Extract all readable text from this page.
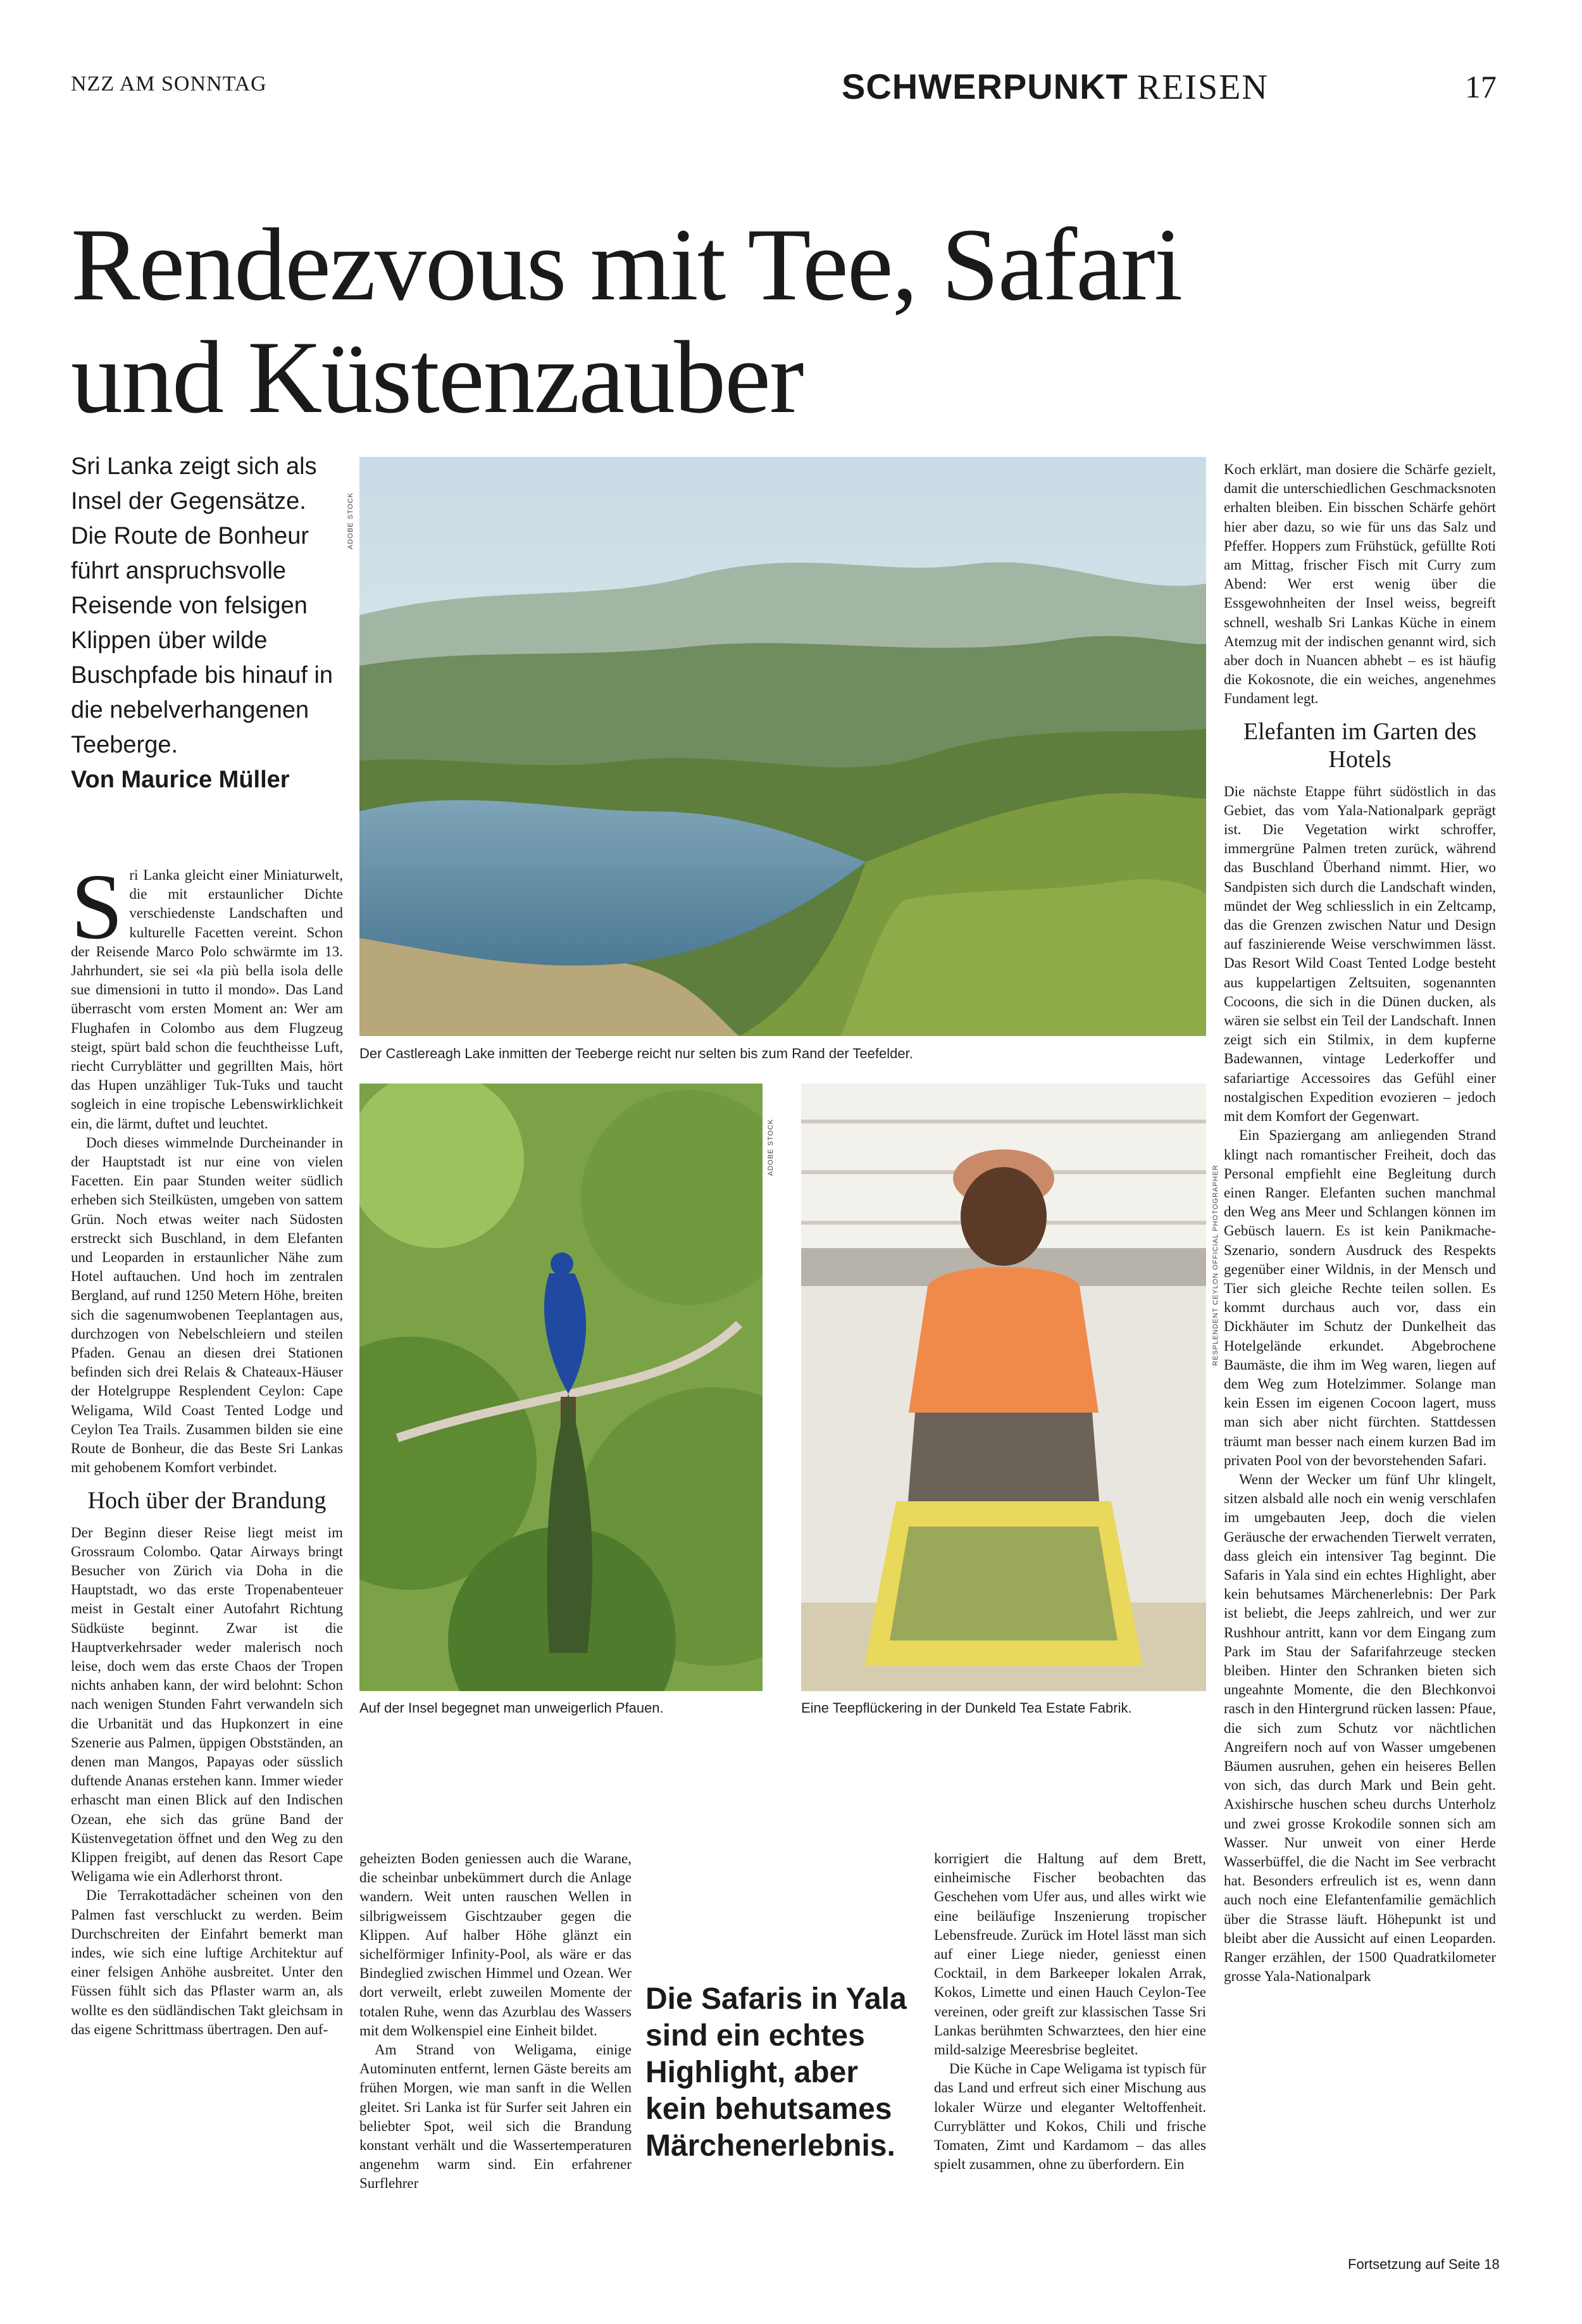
NZZ AM SONNTAG	SCHWERPUNKT REISEN	17
Rendezvous mit Tee, Safari
und Küstenzauber
Sri Lanka zeigt sich als Insel der Gegensätze. Die Route de Bonheur führt anspruchsvolle Reisende von felsigen Klippen über wilde Buschpfade bis hinauf in die nebelverhangenen Teeberge.
Von Maurice Müller
ADOBE STOCK
Der Castlereagh Lake inmitten der Teeberge reicht nur selten bis zum Rand der Teefelder.
Auf der Insel begegnet man unweigerlich Pfauen.
ADOBE STOCK
RESPLENDENT CEYLON OFFICIAL PHOTOGRAPHER
Eine Teepflückering in der Dunkeld Tea Estate Fabrik.

Sri Lanka gleicht einer Miniaturwelt, die mit erstaunlicher Dichte verschiedenste Landschaften und kulturelle Facetten vereint. Schon der Reisende Marco Polo schwärmte im 13. Jahrhundert, sie sei «la più bella isola delle sue dimensioni in tutto il mondo». Das Land überrascht vom ersten Moment an: Wer am Flughafen in Colombo aus dem Flugzeug steigt, spürt bald schon die feuchtheisse Luft, riecht Curryblätter und gegrillten Mais, hört das Hupen unzähliger Tuk-Tuks und taucht sogleich in eine tropische Lebenswirklichkeit ein, die lärmt, duftet und leuchtet.

Doch dieses wimmelnde Durcheinander in der Hauptstadt ist nur eine von vielen Facetten. Ein paar Stunden weiter südlich erheben sich Steilküsten, umgeben von sattem Grün. Noch etwas weiter nach Südosten erstreckt sich Buschland, in dem Elefanten und Leoparden in erstaunlicher Nähe zum Hotel auftauchen. Und hoch im zentralen Bergland, auf rund 1250 Metern Höhe, breiten sich die sagenumwobenen Teeplantagen aus, durchzogen von Nebelschleiern und steilen Pfaden. Genau an diesen drei Stationen befinden sich drei Relais & Chateaux-Häuser der Hotelgruppe Resplendent Ceylon: Cape Weligama, Wild Coast Tented Lodge und Ceylon Tea Trails. Zusammen bilden sie eine Route de Bonheur, die das Beste Sri Lankas mit gehobenem Komfort verbindet.

Hoch über der Brandung

Der Beginn dieser Reise liegt meist im Grossraum Colombo. Qatar Airways bringt Besucher von Zürich via Doha in die Hauptstadt, wo das erste Tropenabenteuer meist in Gestalt einer Autofahrt Richtung Südküste beginnt. Zwar ist die Hauptverkehrsader weder malerisch noch leise, doch wem das erste Chaos der Tropen nichts anhaben kann, der wird belohnt: Schon nach wenigen Stunden Fahrt verwandeln sich die Urbanität und das Hupkonzert in eine Szenerie aus Palmen, üppigen Obstständen, an denen man Mangos, Papayas oder süsslich duftende Ananas erstehen kann. Immer wieder erhascht man einen Blick auf den Indischen Ozean, ehe sich das grüne Band der Küstenvegetation öffnet und den Weg zu den Klippen freigibt, auf denen das Resort Cape Weligama wie ein Adlerhorst thront.

Die Terrakottadächer scheinen von den Palmen fast verschluckt zu werden. Beim Durchschreiten der Einfahrt bemerkt man indes, wie sich eine luftige Architektur auf einer felsigen Anhöhe ausbreitet. Unter den Füssen fühlt sich das Pflaster warm an, als wollte es den südländischen Takt gleichsam in das eigene Schrittmass übertragen. Den auf-

geheizten Boden geniessen auch die Warane, die scheinbar unbekümmert durch die Anlage wandern. Weit unten rauschen Wellen in silbrigweissem Gischtzauber gegen die Klippen. Auf halber Höhe glänzt ein sichelförmiger Infinity-Pool, als wäre er das Bindeglied zwischen Himmel und Ozean. Wer dort verweilt, erlebt zuweilen Momente der totalen Ruhe, wenn das Azurblau des Wassers mit dem Wolkenspiel eine Einheit bildet.

Am Strand von Weligama, einige Autominuten entfernt, lernen Gäste bereits am frühen Morgen, wie man sanft in die Wellen gleitet. Sri Lanka ist für Surfer seit Jahren ein beliebter Spot, weil sich die Brandung konstant verhält und die Wassertemperaturen angenehm warm sind. Ein erfahrener Surflehrer

Die Safaris in Yala sind ein echtes Highlight, aber kein behutsames Märchenerlebnis.

korrigiert die Haltung auf dem Brett, einheimische Fischer beobachten das Geschehen vom Ufer aus, und alles wirkt wie eine beiläufige Inszenierung tropischer Lebensfreude. Zurück im Hotel lässt man sich auf einer Liege nieder, geniesst einen Cocktail, in dem Barkeeper lokalen Arrak, Kokos, Limette und einen Hauch Ceylon-Tee vereinen, oder greift zur klassischen Tasse Sri Lankas berühmten Schwarztees, den hier eine mild-salzige Meeresbrise begleitet.

Die Küche in Cape Weligama ist typisch für das Land und erfreut sich einer Mischung aus lokaler Würze und eleganter Weltoffenheit. Curryblätter und Kokos, Chili und frische Tomaten, Zimt und Kardamom – das alles spielt zusammen, ohne zu überfordern. Ein

Koch erklärt, man dosiere die Schärfe gezielt, damit die unterschiedlichen Geschmacksnoten erhalten bleiben. Ein bisschen Schärfe gehört hier aber dazu, so wie für uns das Salz und Pfeffer. Hoppers zum Frühstück, gefüllte Roti am Mittag, frischer Fisch mit Curry zum Abend: Wer erst wenig über die Essgewohnheiten der Insel weiss, begreift schnell, weshalb Sri Lankas Küche in einem Atemzug mit der indischen genannt wird, sich aber doch in Nuancen abhebt – es ist häufig die Kokosnote, die ein weiches, angenehmes Fundament legt.

Elefanten im Garten des Hotels

Die nächste Etappe führt südöstlich in das Gebiet, das vom Yala-Nationalpark geprägt ist. Die Vegetation wirkt schroffer, immergrüne Palmen treten zurück, während das Buschland Überhand nimmt. Hier, wo Sandpisten sich durch die Landschaft winden, mündet der Weg schliesslich in ein Zeltcamp, das die Grenzen zwischen Natur und Design auf faszinierende Weise verschwimmen lässt. Das Resort Wild Coast Tented Lodge besteht aus kuppelartigen Zeltsuiten, sogenannten Cocoons, die sich in die Dünen ducken, als wären sie selbst ein Teil der Landschaft. Innen zeigt sich ein Stilmix, in dem kupferne Badewannen, vintage Lederkoffer und safariartige Accessoires das Gefühl einer nostalgischen Expedition evozieren – jedoch mit dem Komfort der Gegenwart.

Ein Spaziergang am anliegenden Strand klingt nach romantischer Freiheit, doch das Personal empfiehlt eine Begleitung durch einen Ranger. Elefanten suchen manchmal den Weg ans Meer und Schlangen können im Gebüsch lauern. Es ist kein Panikmache-Szenario, sondern Ausdruck des Respekts gegenüber einer Wildnis, in der Mensch und Tier sich gleiche Rechte teilen sollen. Es kommt durchaus auch vor, dass ein Dickhäuter im Schutz der Dunkelheit das Hotelgelände erkundet. Abgebrochene Baumäste, die ihm im Weg waren, liegen auf dem Weg zum Hotelzimmer. Solange man kein Essen im eigenen Cocoon lagert, muss man sich aber nicht fürchten. Stattdessen träumt man besser nach einem kurzen Bad im privaten Pool von der bevorstehenden Safari.

Wenn der Wecker um fünf Uhr klingelt, sitzen alsbald alle noch ein wenig verschlafen im umgebauten Jeep, doch die vielen Geräusche der erwachenden Tierwelt verraten, dass gleich ein intensiver Tag beginnt. Die Safaris in Yala sind ein echtes Highlight, aber kein behutsames Märchenerlebnis: Der Park ist beliebt, die Jeeps zahlreich, und wer zur Rushhour antritt, kann vor dem Eingang zum Park im Stau der Safarifahrzeuge stecken bleiben. Hinter den Schranken bieten sich ungeahnte Momente, die den Blechkonvoi rasch in den Hintergrund rücken lassen: Pfaue, die sich zum Schutz vor nächtlichen Angreifern noch auf von Wasser umgebenen Bäumen ausruhen, gehen ein heiseres Bellen von sich, das durch Mark und Bein geht. Axishirsche huschen scheu durchs Unterholz und zwei grosse Krokodile sonnen sich am Wasser. Nur unweit von einer Herde Wasserbüffel, die die Nacht im See verbracht hat. Besonders erfreulich ist es, wenn dann auch noch eine Elefantenfamilie gemächlich über die Strasse läuft. Höhepunkt ist und bleibt aber die Aussicht auf einen Leoparden. Ranger erzählen, der 1500 Quadratkilometer grosse Yala-Nationalpark

Fortsetzung auf Seite 18
